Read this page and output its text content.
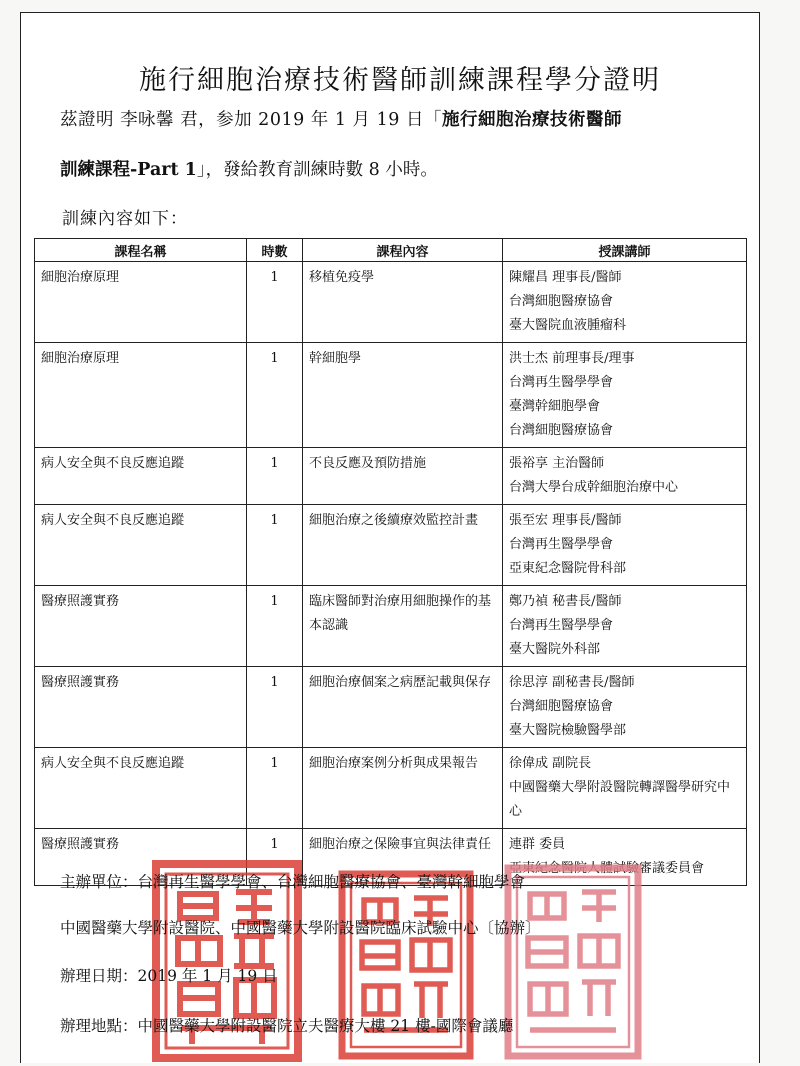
施行細胞治療技術醫師訓練課程學分證明
茲證明 李咏馨 君，参加 2019 年 1 月 19 日「施行細胞治療技術醫師
訓練課程-Part 1」，發給教育訓練時數 8 小時。
訓練內容如下：
課程名稱	時數	課程內容	授課講師
細胞治療原理	1	移植免疫學	陳耀昌 理事長/醫師
台灣細胞醫療協會
臺大醫院血液腫瘤科

細胞治療原理	1	幹細胞學	洪士杰 前理事長/理事
台灣再生醫學學會
臺灣幹細胞學會
台灣細胞醫療協會

病人安全與不良反應追蹤	1	不良反應及預防措施	張裕享 主治醫師
台灣大學台成幹細胞治療中心

病人安全與不良反應追蹤	1	細胞治療之後續療效監控計畫	張至宏 理事長/醫師
台灣再生醫學學會
亞東紀念醫院骨科部

醫療照護實務	1	臨床醫師對治療用細胞操作的基本認識	鄭乃禎 秘書長/醫師
台灣再生醫學學會
臺大醫院外科部

醫療照護實務	1	細胞治療個案之病歷記載與保存	徐思淳 副秘書長/醫師
台灣細胞醫療協會
臺大醫院檢驗醫學部

病人安全與不良反應追蹤	1	細胞治療案例分析與成果報告	徐偉成 副院長
中國醫藥大學附設醫院轉譯醫學研究中心

醫療照護實務	1	細胞治療之保險事宜與法律責任	連群 委員
亞東紀念醫院人體試驗審議委員會
主辦單位：台灣再生醫學學會、台灣細胞醫療協會、臺灣幹細胞學會
中國醫藥大學附設醫院、中國醫藥大學附設醫院臨床試驗中心〔協辦〕
辦理日期：2019 年 1 月 19 日
辦理地點：中國醫藥大學附設醫院立夫醫療大樓 21 樓-國際會議廳
